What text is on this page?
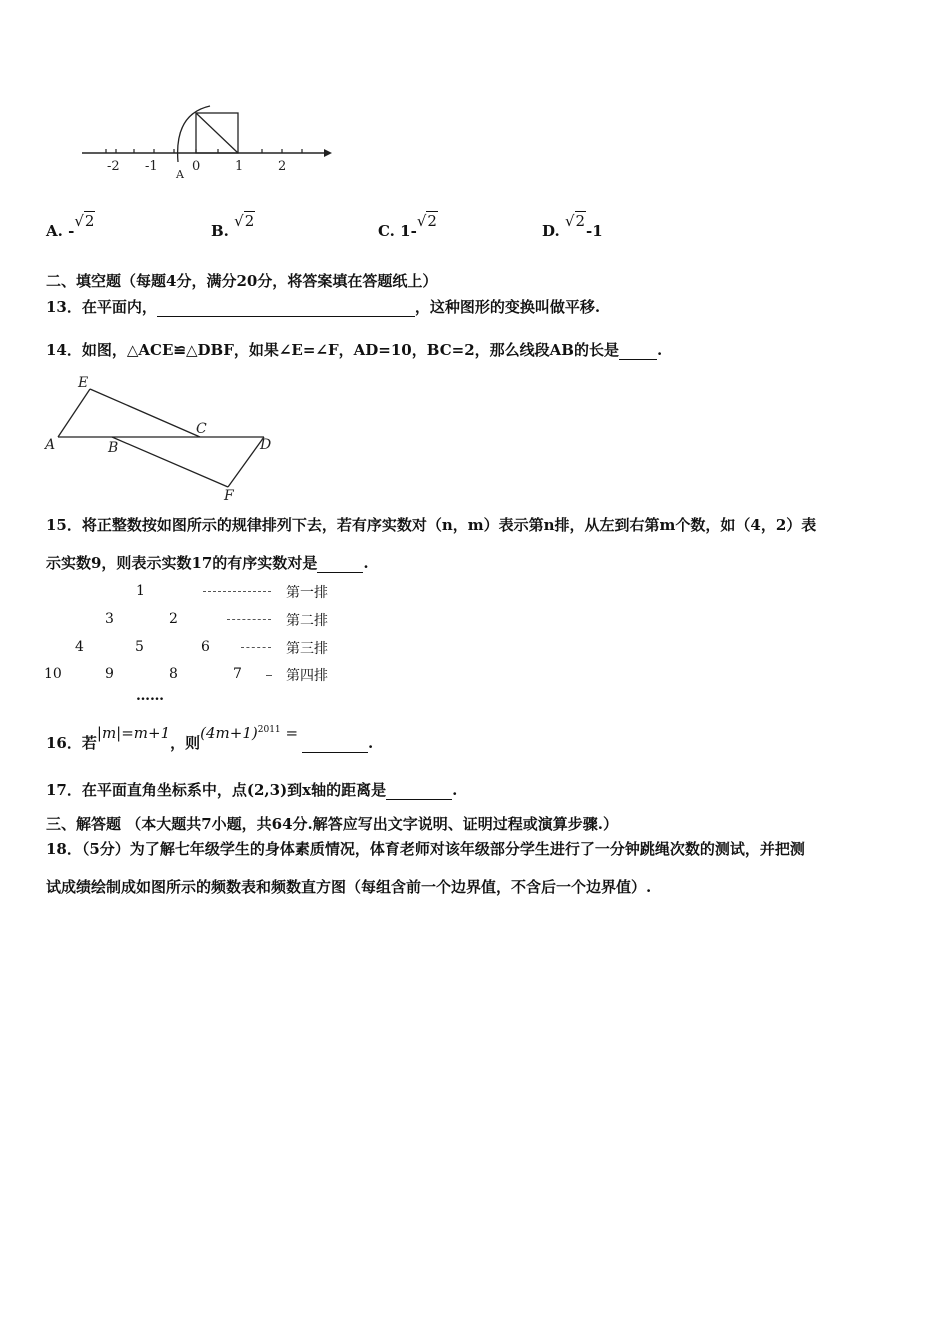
-2 -1	0	1	2
A
A. -√2
B. √2
C. 1-√2
D. √2-1
二、填空题（每题4分，满分20分，将答案填在答题纸上）
13．在平面内，	，这种图形的变换叫做平移.
14．如图，△ACE≌△DBF，如果∠E=∠F，AD=10，BC=2，那么线段AB的长是	.
E
C
A	B	D
F
15．将正整数按如图所示的规律排列下去，若有序实数对（n，m）表示第n排，从左到右第m个数，如（4，2）表
示实数9，则表示实数17的有序实数对是	.
1
3	2
4	5	6
10	9	8	7
第一排
第二排
第三排
第四排
……
16．若|m|=m+1，则$(4m+1)^{2011}$ = .
17．在平面直角坐标系中，点(2,3)到x轴的距离是	.
三、解答题 （本大题共7小题，共64分.解答应写出文字说明、证明过程或演算步骤.）
18．（5分）为了解七年级学生的身体素质情况，体育老师对该年级部分学生进行了一分钟跳绳次数的测试，并把测
试成绩绘制成如图所示的频数表和频数直方图（每组含前一个边界值，不含后一个边界值）.
